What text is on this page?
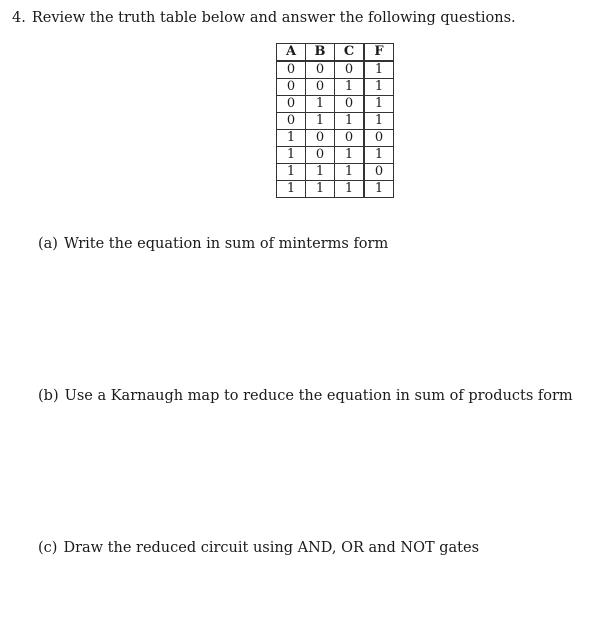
4. Review the truth table below and answer the following questions.
A	B	C	F
0	0	0	1
0	0	1	1
0	1	0	1
0	1	1	1
1	0	0	0
1	0	1	1
1	1	1	0
1	1	1	1
(a) Write the equation in sum of minterms form
(b) Use a Karnaugh map to reduce the equation in sum of products form
(c) Draw the reduced circuit using AND, OR and NOT gates
